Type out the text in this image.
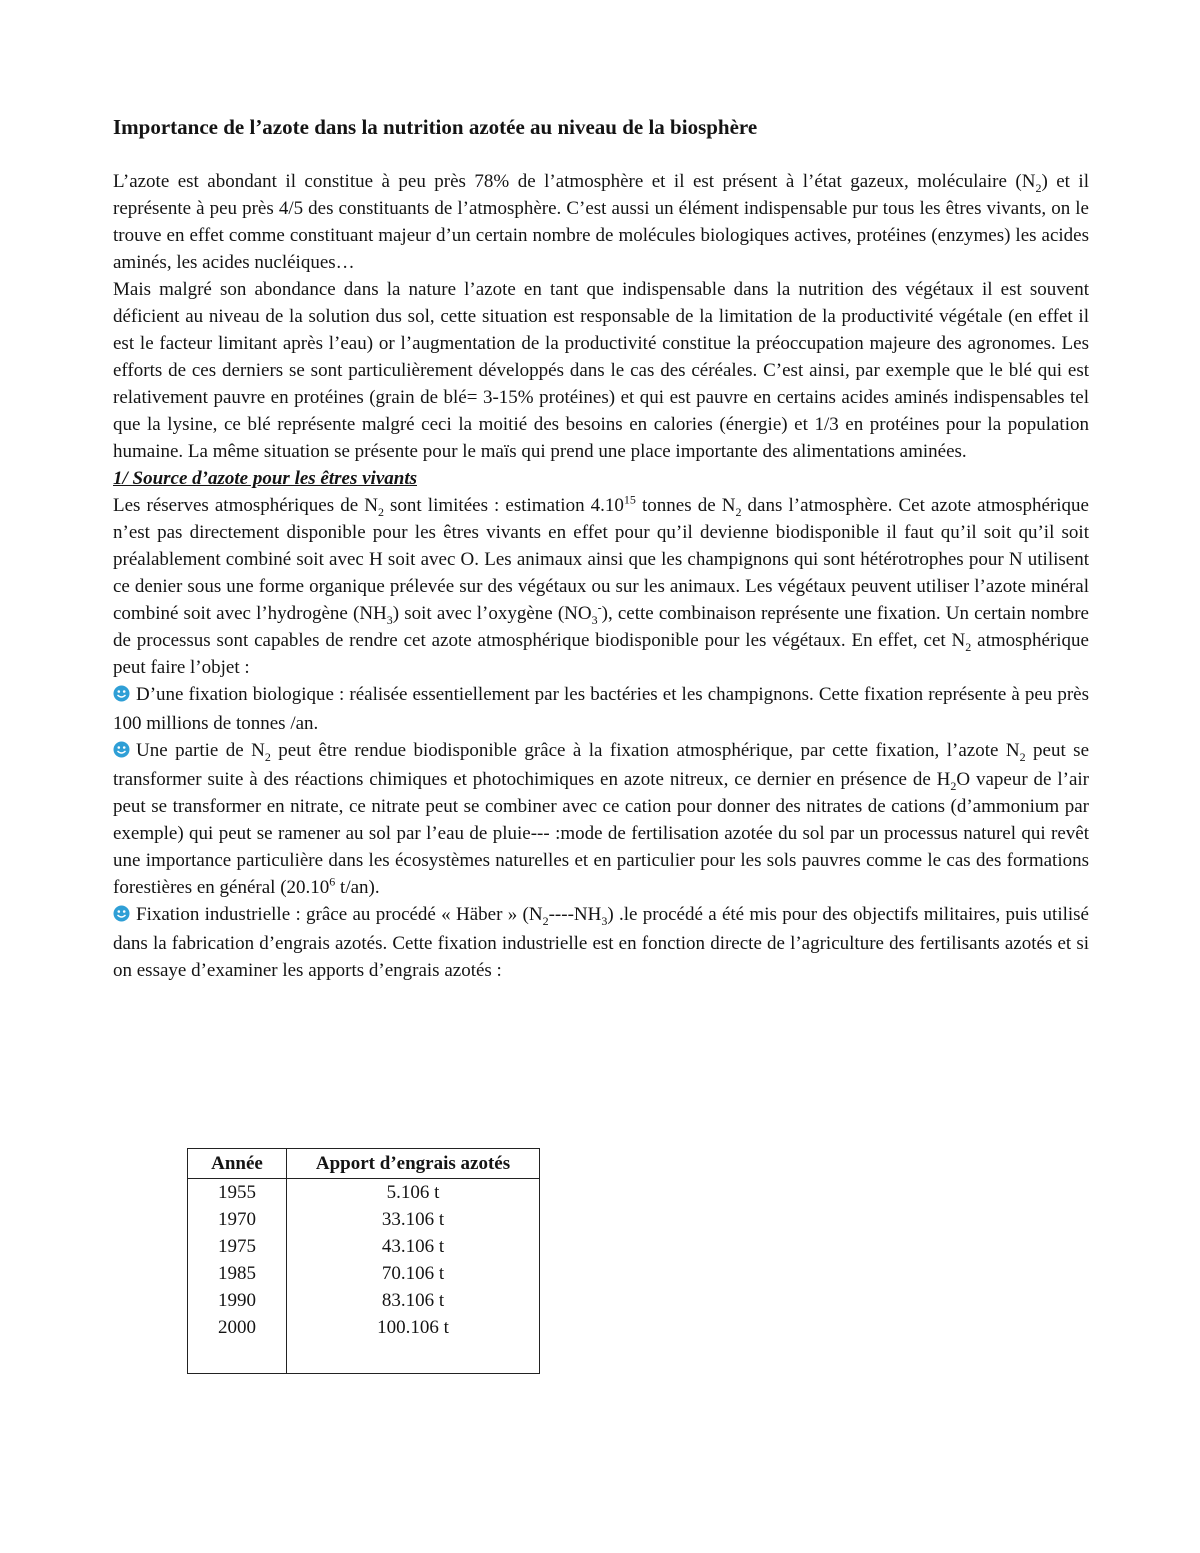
Importance de l’azote dans la nutrition azotée au niveau de la biosphère

L’azote est abondant il constitue à peu près 78% de l’atmosphère et il est présent à l’état gazeux, moléculaire $(N_2)$ et il représente à peu près 4/5 des constituants de l’atmosphère. C’est aussi un élément indispensable pur tous les êtres vivants, on le trouve en effet comme constituant majeur d’un certain nombre de molécules biologiques actives, protéines (enzymes) les acides aminés, les acides nucléiques…

Mais malgré son abondance dans la nature l’azote en tant que indispensable dans la nutrition des végétaux il est souvent déficient au niveau de la solution dus sol, cette situation est responsable de la limitation de la productivité végétale (en effet il est le facteur limitant après l’eau) or l’augmentation de la productivité constitue la préoccupation majeure des agronomes. Les efforts de ces derniers se sont particulièrement développés dans le cas des céréales. C’est ainsi, par exemple que le blé qui est relativement pauvre en protéines (grain de blé= 3-15% protéines) et qui est pauvre en certains acides aminés indispensables tel que la lysine, ce blé représente malgré ceci la moitié des besoins en calories (énergie) et 1/3 en protéines pour la population humaine. La même situation se présente pour le maïs qui prend une place importante des alimentations aminées.

1/ Source d’azote pour les êtres vivants

Les réserves atmosphériques de $N_2$ sont limitées : estimation 4.10$^{15}$ tonnes de $N_2$ dans l’atmosphère. Cet azote atmosphérique n’est pas directement disponible pour les êtres vivants en effet pour qu’il devienne biodisponible il faut qu’il soit qu’il soit préalablement combiné soit avec H soit avec O. Les animaux ainsi que les champignons qui sont hétérotrophes pour N utilisent ce denier sous une forme organique prélevée sur des végétaux ou sur les animaux. Les végétaux peuvent utiliser l’azote minéral combiné soit avec l’hydrogène $(NH_3)$ soit avec l’oxygène $(NO_3^-)$, cette combinaison représente une fixation. Un certain nombre de processus sont capables de rendre cet azote atmosphérique biodisponible pour les végétaux. En effet, cet $N_2$ atmosphérique peut faire l’objet :

D’une fixation biologique : réalisée essentiellement par les bactéries et les champignons. Cette fixation représente à peu près 100 millions de tonnes /an.

Une partie de $N_2$ peut être rendue biodisponible grâce à la fixation atmosphérique, par cette fixation, l’azote $N_2$ peut se transformer suite à des réactions chimiques et photochimiques en azote nitreux, ce dernier en présence de $H_2O$ vapeur de l’air peut se transformer en nitrate, ce nitrate peut se combiner avec ce cation pour donner des nitrates de cations (d’ammonium par exemple) qui peut se ramener au sol par l’eau de pluie--- :mode de fertilisation azotée du sol par un processus naturel qui revêt une importance particulière dans les écosystèmes naturelles et en particulier pour les sols pauvres comme le cas des formations forestières en général (20.10$^6$ t/an).

Fixation industrielle : grâce au procédé « Häber » $(N_2----NH_3)$ .le procédé a été mis pour des objectifs militaires, puis utilisé dans la fabrication d’engrais azotés. Cette fixation industrielle est en fonction directe de l’agriculture des fertilisants azotés et si on essaye d’examiner les apports d’engrais azotés :

Année	Apport d’engrais azotés
1955	5.106 t
1970	33.106 t
1975	43.106 t
1985	70.106 t
1990	83.106 t
2000	100.106 t
